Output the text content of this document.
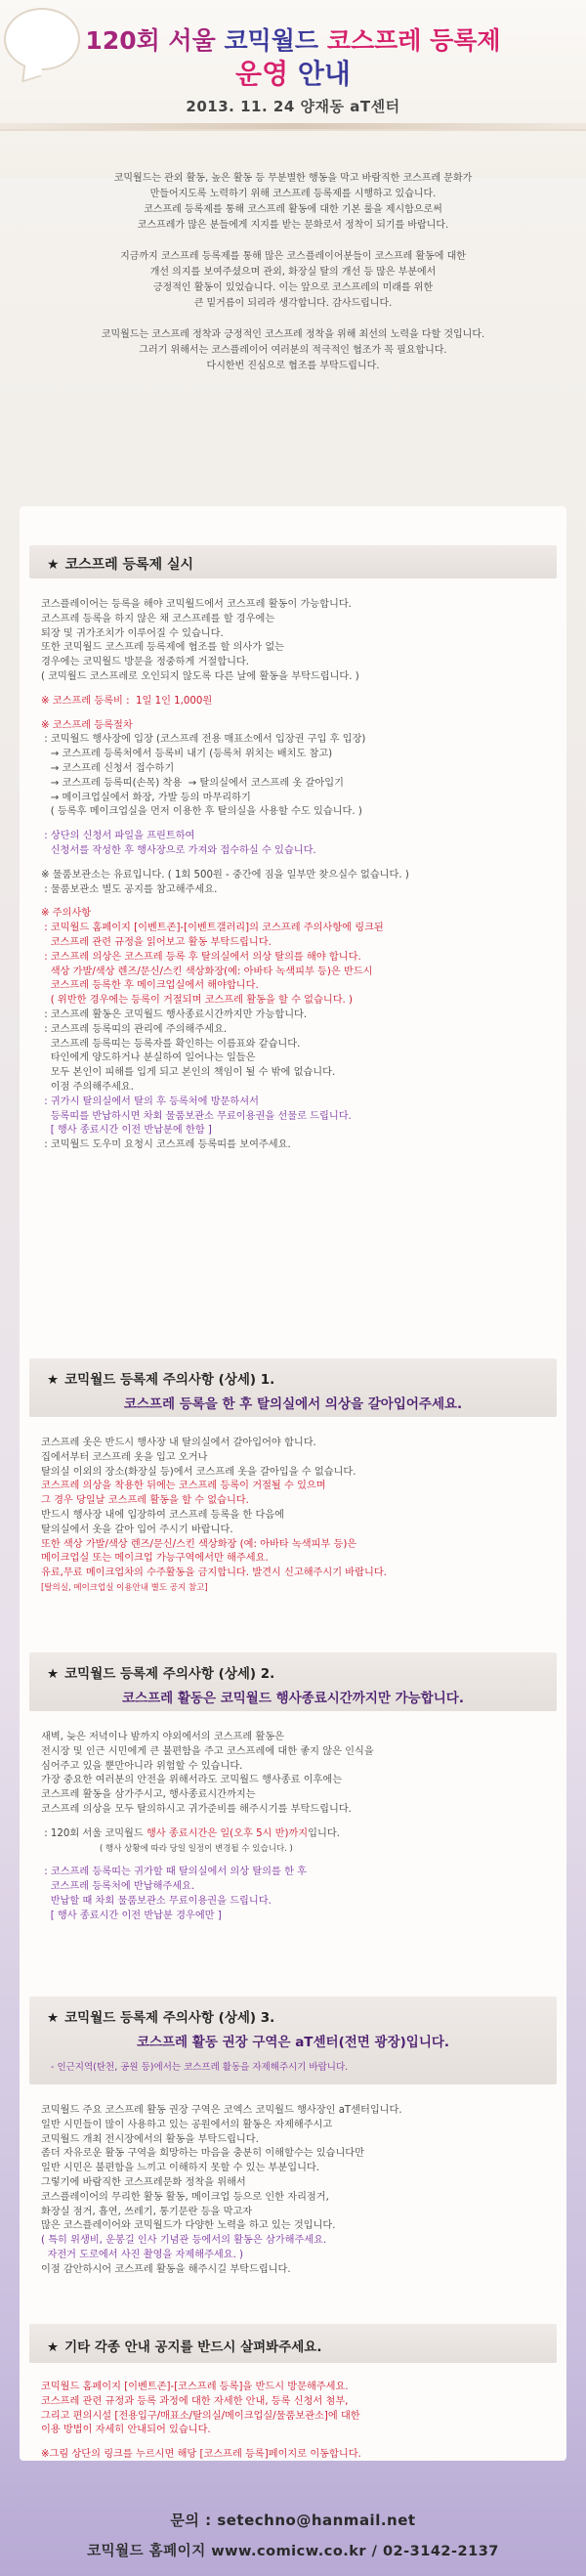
120회 서울 코믹월드 코스프레 등록제
운영 안내
2013. 11. 24 양재동 aT센터

코믹월드는 관외 활동, 높은 활동 등 무분별한 행동을 막고 바람직한 코스프레 문화가
만들어지도록 노력하기 위해 코스프레 등록제를 시행하고 있습니다.
코스프레 등록제를 통해 코스프레 활동에 대한 기본 룰을 제시함으로써
코스프레가 많은 분들에게 지지를 받는 문화로서 정착이 되기를 바랍니다.

지금까지 코스프레 등록제를 통해 많은 코스플레이어분들이 코스프레 활동에 대한
개선 의지를 보여주셨으며 관외, 화장실 탈의 개선 등 많은 부분에서
긍정적인 활동이 있었습니다. 이는 앞으로 코스프레의 미래를 위한
큰 밑거름이 되리라 생각합니다. 감사드립니다.

코믹월드는 코스프레 정착과 긍정적인 코스프레 정착을 위해 최선의 노력을 다할 것입니다.
그러기 위해서는 코스플레이어 여러분의 적극적인 협조가 꼭 필요합니다.
다시한번 진심으로 협조를 부탁드립니다.

★ 코스프레 등록제 실시

코스플레이어는 등록을 해야 코믹월드에서 코스프레 활동이 가능합니다.

코스프레 등록을 하지 않은 채 코스프레를 할 경우에는

퇴장 및 귀가조치가 이루어질 수 있습니다.

또한 코믹월드 코스프레 등록제에 협조를 할 의사가 없는

경우에는 코믹월드 방문을 정중하게 거절합니다.

( 코믹월드 코스프레로 오인되지 않도록 다른 날에 활동을 부탁드립니다. )

※ 코스프레 등록비 :  1일 1인 1,000원

※ 코스프레 등록절차

: 코믹월드 행사장에 입장 (코스프레 전용 매표소에서 입장권 구입 후 입장)

→ 코스프레 등록처에서 등록비 내기 (등록처 위치는 배치도 참고)

→ 코스프레 신청서 접수하기

→ 코스프레 등록띠(손목) 착용  → 탈의실에서 코스프레 옷 갈아입기

→ 메이크업실에서 화장, 가발 등의 마무리하기

( 등록후 메이크업실을 먼저 이용한 후 탈의실을 사용할 수도 있습니다. )

: 상단의 신청서 파일을 프린트하여

신청서를 작성한 후 행사장으로 가져와 접수하실 수 있습니다.

※ 물품보관소는 유료입니다. ( 1회 500원 - 중간에 짐을 일부만 찾으실수 없습니다. )

: 물품보관소 별도 공지를 참고해주세요.

※ 주의사항

: 코믹월드 홈페이지 [이벤트존]-[이벤트갤러리]의 코스프레 주의사항에 링크된

코스프레 관련 규정을 읽어보고 활동 부탁드립니다.

: 코스프레 의상은 코스프레 등록 후 탈의실에서 의상 탈의를 해야 합니다.

색상 가발/색상 렌즈/문신/스킨 색상화장(예: 아바타 녹색피부 등)은 반드시

코스프레 등록한 후 메이크업실에서 해야합니다.

( 위반한 경우에는 등록이 거절되며 코스프레 활동을 할 수 없습니다. )

: 코스프레 활동은 코믹월드 행사종료시간까지만 가능합니다.

: 코스프레 등록띠의 관리에 주의해주세요.

코스프레 등록띠는 등록자를 확인하는 이름표와 같습니다.

타인에게 양도하거나 분실하여 일어나는 일들은

모두 본인이 피해를 입게 되고 본인의 책임이 될 수 밖에 없습니다.

이점 주의해주세요.

: 귀가시 탈의실에서 탈의 후 등록처에 방문하셔서

등록띠를 반납하시면 차회 물품보관소 무료이용권을 선물로 드립니다.

[ 행사 종료시간 이전 반납분에 한함 ]

: 코믹월드 도우미 요청시 코스프레 등록띠를 보여주세요.

★ 코믹월드 등록제 주의사항 (상세) 1.
코스프레 등록을 한 후 탈의실에서 의상을 갈아입어주세요.

코스프레 옷은 반드시 행사장 내 탈의실에서 갈아입어야 합니다.

집에서부터 코스프레 옷을 입고 오거나

탈의실 이외의 장소(화장실 등)에서 코스프레 옷을 갈아입을 수 없습니다.

코스프레 의상을 착용한 뒤에는 코스프레 등록이 거절될 수 있으며

그 경우 당일날 코스프레 활동을 할 수 없습니다.

반드시 행사장 내에 입장하여 코스프레 등록을 한 다음에

탈의실에서 옷을 갈아 입어 주시기 바랍니다.

또한 색상 가발/색상 렌즈/문신/스킨 색상화장 (예: 아바타 녹색피부 등)은

메이크업실 또는 메이크업 가능구역에서만 해주세요.

유료,무료 메이크업차의 수주활동을 금지합니다. 발견시 신고해주시기 바랍니다.

[탈의실, 메이크업실 이용안내 별도 공지 참고]

★ 코믹월드 등록제 주의사항 (상세) 2.
코스프레 활동은 코믹월드 행사종료시간까지만 가능합니다.

새벽, 늦은 저녁이나 밤까지 야외에서의 코스프레 활동은

전시장 및 인근 시민에게 큰 불편함을 주고 코스프레에 대한 좋지 않은 인식을

심어주고 있을 뿐만아니라 위험할 수 있습니다.

가장 중요한 여러분의 안전을 위해서라도 코믹월드 행사종료 이후에는

코스프레 활동을 삼가주시고, 행사종료시간까지는

코스프레 의상을 모두 탈의하시고 귀가준비를 해주시기를 부탁드립니다.

: 120회 서울 코믹월드 행사 종료시간은 일(오후 5시 반)까지입니다.

( 행사 상황에 따라 당일 일정이 변경될 수 있습니다. )

: 코스프레 등록띠는 귀가할 때 탈의실에서 의상 탈의를 한 후

코스프레 등록처에 반납해주세요.

반납할 때 차회 물품보관소 무료이용권을 드립니다.

[ 행사 종료시간 이전 반납분 경우에만 ]

★ 코믹월드 등록제 주의사항 (상세) 3.
코스프레 활동 권장 구역은 aT센터(전면 광장)입니다.
- 인근지역(탄천, 공원 등)에서는 코스프레 활동을 자제해주시기 바랍니다.

코믹월드 주요 코스프레 활동 권장 구역은 코엑스 코믹월드 행사장인 aT센터입니다.

일반 시민들이 많이 사용하고 있는 공원에서의 활동은 자제해주시고

코믹월드 개최 전시장에서의 활동을 부탁드립니다.

좀더 자유로운 활동 구역을 희망하는 마음을 충분히 이해할수는 있습니다만

일반 시민은 불편함을 느끼고 이해하지 못할 수 있는 부분입니다.

그렇기에 바람직한 코스프레문화 정착을 위해서

코스플레이어의 무리한 활동 활동, 메이크업 등으로 인한 자리점거,

화장실 점거, 흡연, 쓰레기, 통기문란 등을 막고자

많은 코스플레이어와 코믹월드가 다양한 노력을 하고 있는 것입니다.

( 특히 위생비, 운봉길 인사 기념관 등에서의 활동은 삼가해주세요.

자전거 도로에서 사진 촬영을 자제해주세요. )

이점 감안하시어 코스프레 활동을 해주시길 부탁드립니다.

★ 기타 각종 안내 공지를 반드시 살펴봐주세요.

코믹월드 홈페이지 [이벤트존]-[코스프레 등록]을 반드시 방문해주세요.

코스프레 관련 규정과 등록 과정에 대한 자세한 안내, 등록 신청서 첨부,

그리고 편의시설 [전용입구/매표소/탈의실/메이크업실/물품보관소]에 대한

이용 방법이 자세히 안내되어 있습니다.

※그림 상단의 링크를 누르시면 해당 [코스프레 등록]페이지로 이동합니다.

문의 : setechno@hanmail.net
코믹월드 홈페이지 www.comicw.co.kr / 02-3142-2137
